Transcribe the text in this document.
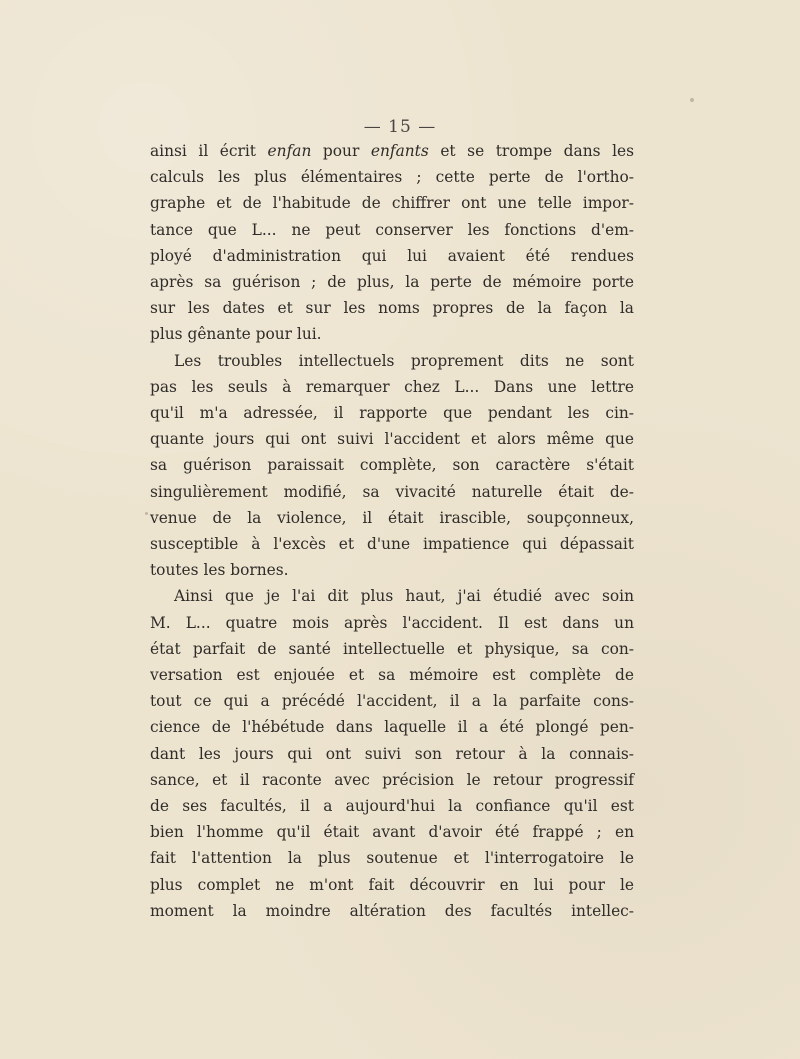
— 15 —
ainsi il écrit enfan pour enfants et se trompe dans les
calculs les plus élémentaires ; cette perte de l'ortho-
graphe et de l'habitude de chiffrer ont une telle impor-
tance que L... ne peut conserver les fonctions d'em-
ployé d'administration qui lui avaient été rendues
après sa guérison ; de plus, la perte de mémoire porte
sur les dates et sur les noms propres de la façon la
plus gênante pour lui.
Les troubles intellectuels proprement dits ne sont
pas les seuls à remarquer chez L... Dans une lettre
qu'il m'a adressée, il rapporte que pendant les cin-
quante jours qui ont suivi l'accident et alors même que
sa guérison paraissait complète, son caractère s'était
singulièrement modifié, sa vivacité naturelle était de-
venue de la violence, il était irascible, soupçonneux,
susceptible à l'excès et d'une impatience qui dépassait
toutes les bornes.
Ainsi que je l'ai dit plus haut, j'ai étudié avec soin
M. L... quatre mois après l'accident. Il est dans un
état parfait de santé intellectuelle et physique, sa con-
versation est enjouée et sa mémoire est complète de
tout ce qui a précédé l'accident, il a la parfaite cons-
cience de l'hébétude dans laquelle il a été plongé pen-
dant les jours qui ont suivi son retour à la connais-
sance, et il raconte avec précision le retour progressif
de ses facultés, il a aujourd'hui la confiance qu'il est
bien l'homme qu'il était avant d'avoir été frappé ; en
fait l'attention la plus soutenue et l'interrogatoire le
plus complet ne m'ont fait découvrir en lui pour le
moment la moindre altération des facultés intellec-
